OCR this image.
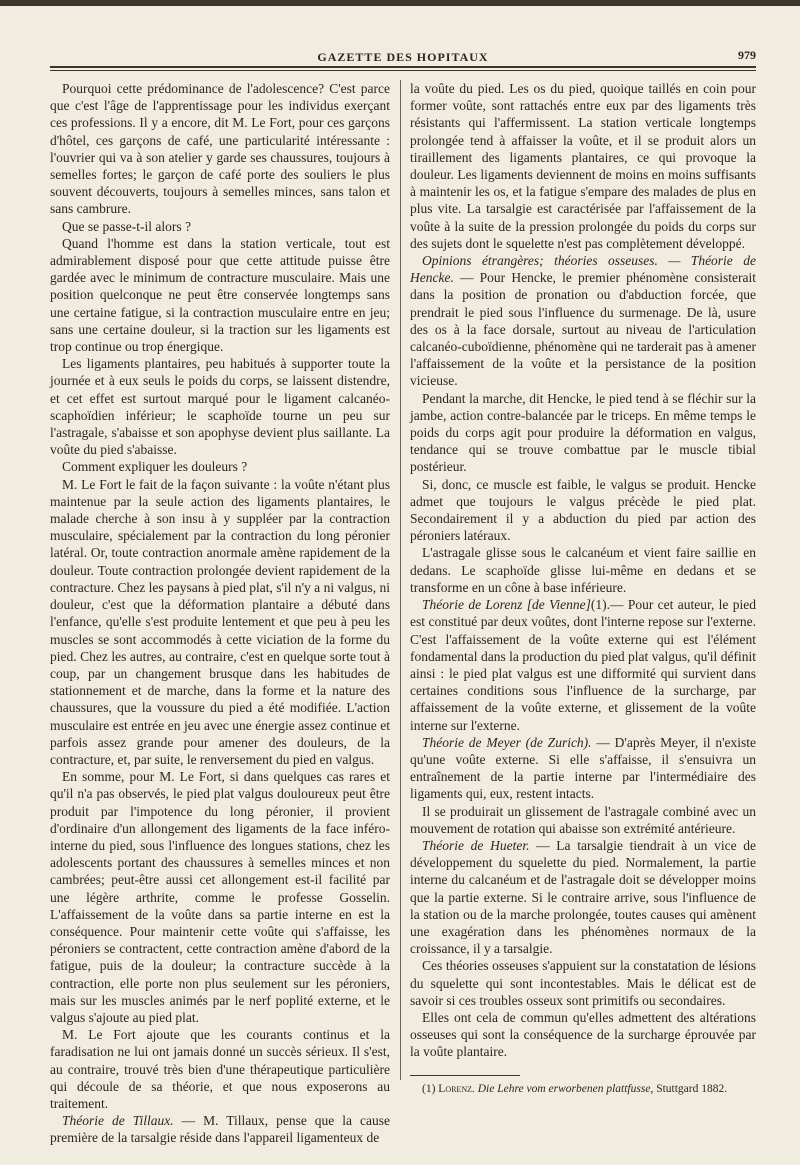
GAZETTE DES HOPITAUX	979

Pourquoi cette prédominance de l'adolescence? C'est parce que c'est l'âge de l'apprentissage pour les individus exerçant ces professions. Il y a encore, dit M. Le Fort, pour ces garçons d'hôtel, ces garçons de café, une particularité intéressante : l'ouvrier qui va à son atelier y garde ses chaussures, toujours à semelles fortes; le garçon de café porte des souliers le plus souvent découverts, toujours à semelles minces, sans talon et sans cambrure.

Que se passe-t-il alors ?

Quand l'homme est dans la station verticale, tout est admirablement disposé pour que cette attitude puisse être gardée avec le minimum de contracture musculaire. Mais une position quelconque ne peut être conservée longtemps sans une certaine fatigue, si la contraction musculaire entre en jeu; sans une certaine douleur, si la traction sur les ligaments est trop continue ou trop énergique.

Les ligaments plantaires, peu habitués à supporter toute la journée et à eux seuls le poids du corps, se laissent distendre, et cet effet est surtout marqué pour le ligament calcanéo-scaphoïdien inférieur; le scaphoïde tourne un peu sur l'astragale, s'abaisse et son apophyse devient plus saillante. La voûte du pied s'abaisse.

Comment expliquer les douleurs ?

M. Le Fort le fait de la façon suivante : la voûte n'étant plus maintenue par la seule action des ligaments plantaires, le malade cherche à son insu à y suppléer par la contraction musculaire, spécialement par la contraction du long péronier latéral. Or, toute contraction anormale amène rapidement de la douleur. Toute contraction prolongée devient rapidement de la contracture. Chez les paysans à pied plat, s'il n'y a ni valgus, ni douleur, c'est que la déformation plantaire a débuté dans l'enfance, qu'elle s'est produite lentement et que peu à peu les muscles se sont accommodés à cette viciation de la forme du pied. Chez les autres, au contraire, c'est en quelque sorte tout à coup, par un changement brusque dans les habitudes de stationnement et de marche, dans la forme et la nature des chaussures, que la voussure du pied a été modifiée. L'action musculaire est entrée en jeu avec une énergie assez continue et parfois assez grande pour amener des douleurs, de la contracture, et, par suite, le renversement du pied en valgus.

En somme, pour M. Le Fort, si dans quelques cas rares et qu'il n'a pas observés, le pied plat valgus douloureux peut être produit par l'impotence du long péronier, il provient d'ordinaire d'un allongement des ligaments de la face inféro-interne du pied, sous l'influence des longues stations, chez les adolescents portant des chaussures à semelles minces et non cambrées; peut-être aussi cet allongement est-il facilité par une légère arthrite, comme le professe Gosselin. L'affaissement de la voûte dans sa partie interne en est la conséquence. Pour maintenir cette voûte qui s'affaisse, les péroniers se contractent, cette contraction amène d'abord de la fatigue, puis de la douleur; la contracture succède à la contraction, elle porte non plus seulement sur les péroniers, mais sur les muscles animés par le nerf poplité externe, et le valgus s'ajoute au pied plat.

M. Le Fort ajoute que les courants continus et la faradisation ne lui ont jamais donné un succès sérieux. Il s'est, au contraire, trouvé très bien d'une thérapeutique particulière qui découle de sa théorie, et que nous exposerons au traitement.

Théorie de Tillaux. — M. Tillaux, pense que la cause première de la tarsalgie réside dans l'appareil ligamenteux de

la voûte du pied. Les os du pied, quoique taillés en coin pour former voûte, sont rattachés entre eux par des ligaments très résistants qui l'affermissent. La station verticale longtemps prolongée tend à affaisser la voûte, et il se produit alors un tiraillement des ligaments plantaires, ce qui provoque la douleur. Les ligaments deviennent de moins en moins suffisants à maintenir les os, et la fatigue s'empare des malades de plus en plus vite. La tarsalgie est caractérisée par l'affaissement de la voûte à la suite de la pression prolongée du poids du corps sur des sujets dont le squelette n'est pas complètement développé.

Opinions étrangères; théories osseuses. — Théorie de Hencke. — Pour Hencke, le premier phénomène consisterait dans la position de pronation ou d'abduction forcée, que prendrait le pied sous l'influence du surmenage. De là, usure des os à la face dorsale, surtout au niveau de l'articulation calcanéo-cuboïdienne, phénomène qui ne tarderait pas à amener l'affaissement de la voûte et la persistance de la position vicieuse.

Pendant la marche, dit Hencke, le pied tend à se fléchir sur la jambe, action contre-balancée par le triceps. En même temps le poids du corps agit pour produire la déformation en valgus, tendance qui se trouve combattue par le muscle tibial postérieur.

Si, donc, ce muscle est faible, le valgus se produit. Hencke admet que toujours le valgus précède le pied plat. Secondairement il y a abduction du pied par action des péroniers latéraux.

L'astragale glisse sous le calcanéum et vient faire saillie en dedans. Le scaphoïde glisse lui-même en dedans et se transforme en un cône à base inférieure.

Théorie de Lorenz [de Vienne](1).— Pour cet auteur, le pied est constitué par deux voûtes, dont l'interne repose sur l'externe. C'est l'affaissement de la voûte externe qui est l'élément fondamental dans la production du pied plat valgus, qu'il définit ainsi : le pied plat valgus est une difformité qui survient dans certaines conditions sous l'influence de la surcharge, par affaissement de la voûte externe, et glissement de la voûte interne sur l'externe.

Théorie de Meyer (de Zurich). — D'après Meyer, il n'existe qu'une voûte externe. Si elle s'affaisse, il s'ensuivra un entraînement de la partie interne par l'intermédiaire des ligaments qui, eux, restent intacts.

Il se produirait un glissement de l'astragale combiné avec un mouvement de rotation qui abaisse son extrémité antérieure.

Théorie de Hueter. — La tarsalgie tiendrait à un vice de développement du squelette du pied. Normalement, la partie interne du calcanéum et de l'astragale doit se développer moins que la partie externe. Si le contraire arrive, sous l'influence de la station ou de la marche prolongée, toutes causes qui amènent une exagération dans les phénomènes normaux de la croissance, il y a tarsalgie.

Ces théories osseuses s'appuient sur la constatation de lésions du squelette qui sont incontestables. Mais le délicat est de savoir si ces troubles osseux sont primitifs ou secondaires.

Elles ont cela de commun qu'elles admettent des altérations osseuses qui sont la conséquence de la surcharge éprouvée par la voûte plantaire.

(1) Lorenz. Die Lehre vom erworbenen plattfusse, Stuttgard 1882.
